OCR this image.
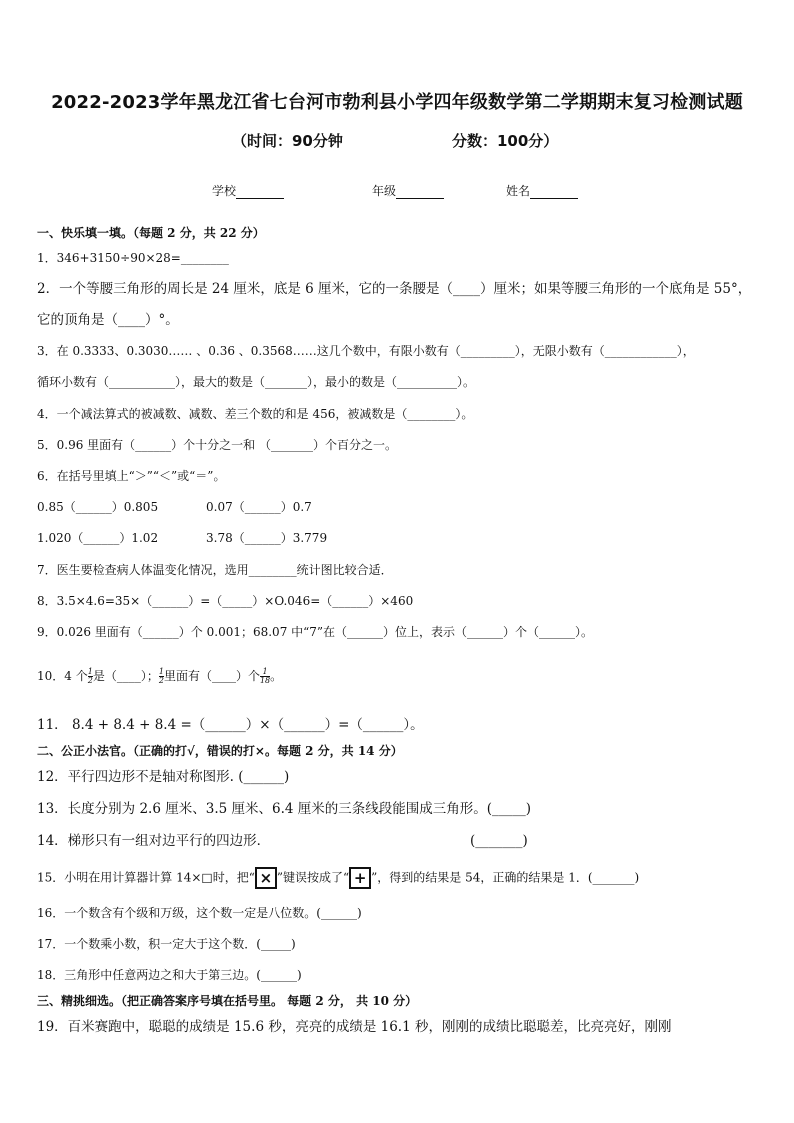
2022-2023学年黑龙江省七台河市勃利县小学四年级数学第二学期期末复习检测试题
（时间：90分钟	分数：100分）
学校	年级	姓名
一、快乐填一填。（每题 2 分，共 22 分）
1．346+3150÷90×28=________
2．一个等腰三角形的周长是 24 厘米，底是 6 厘米，它的一条腰是（____）厘米；如果等腰三角形的一个底角是 55°，
它的顶角是（____）°。
3．在 0.3333、0.3030…… 、0.36 、0.3568……这几个数中，有限小数有（_________），无限小数有（____________），
循环小数有（___________），最大的数是（_______），最小的数是（__________）。
4．一个减法算式的被减数、减数、差三个数的和是 456，被减数是（________）。
5．0.96 里面有（______）个十分之一和 （_______）个百分之一。
6．在括号里填上“＞”“＜”或“＝”。
0.85（______）0.805	0.07（______）0.7
1.020（______）1.02	3.78（______）3.779
7．医生要检查病人体温变化情况，选用________统计图比较合适．
8．3.5×4.6=35×（______）=（_____）×O.046=（______）×460
9．0.026 里面有（______）个 0.001；68.07 中“7”在（______）位上，表示（______）个（______）。
10．4 个 $\frac{1}{2}$ 是（____）； $\frac{1}{2}$ 里面有（____）个 $\frac{1}{18}$ 。
11． 8.4 + 8.4 + 8.4 =（______）×（______）=（______）。
二、公正小法官。（正确的打√，错误的打×。每题 2 分，共 14 分）
12．平行四边形不是轴对称图形. (______)
13．长度分别为 2.6 厘米、3.5 厘米、6.4 厘米的三条线段能围成三角形。(_____)
14．梯形只有一组对边平行的四边形．	(_______)
15．小明在用计算器计算 14×□时，把“ × ”键误按成了“ + ”，得到的结果是 54，正确的结果是 1．(_______)
16．一个数含有个级和万级，这个数一定是八位数。(______)
17．一个数乘小数，积一定大于这个数．(_____)
18．三角形中任意两边之和大于第三边。(______)
三、精挑细选。（把正确答案序号填在括号里。 每题 2 分， 共 10 分）
19．百米赛跑中，聪聪的成绩是 15.6 秒，亮亮的成绩是 16.1 秒，刚刚的成绩比聪聪差，比亮亮好，刚刚
